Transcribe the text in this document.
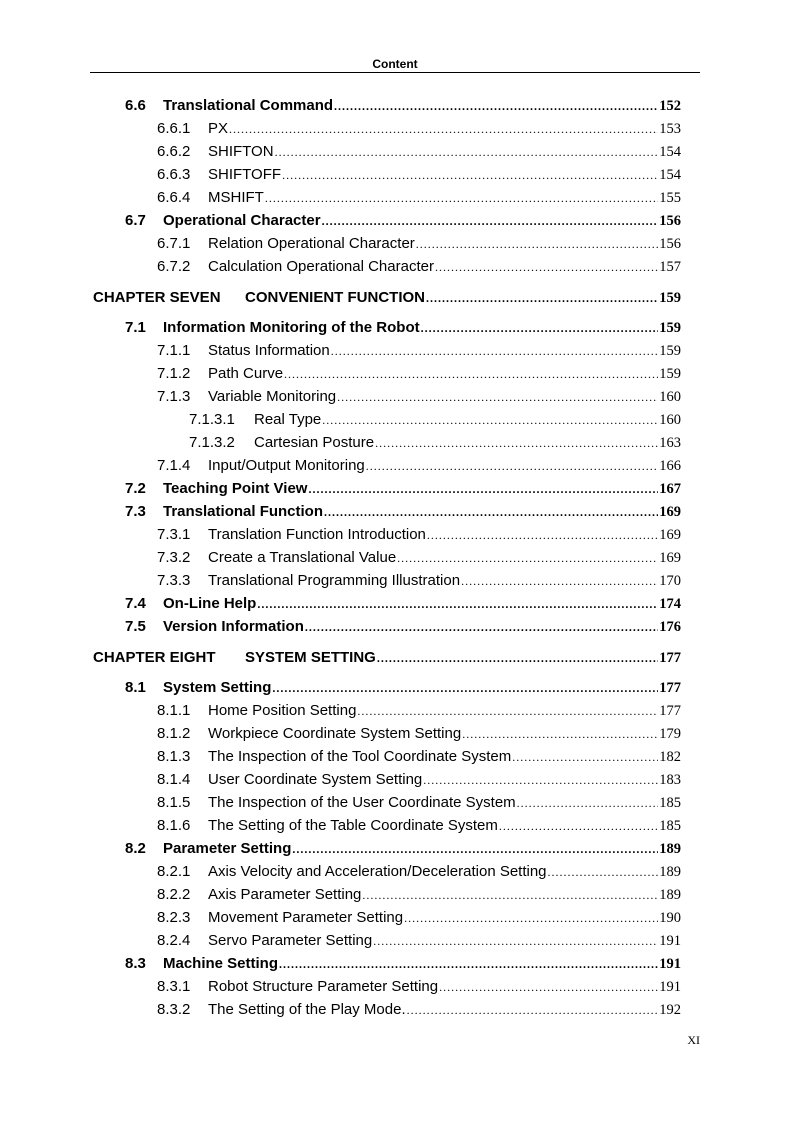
Content
6.6	Translational Command .....	152
6.6.1	PX .....	153
6.6.2	SHIFTON .....	154
6.6.3	SHIFTOFF .....	154
6.6.4	MSHIFT .....	155
6.7	Operational Character .....	156
6.7.1	Relation Operational Character .....	156
6.7.2	Calculation Operational Character .....	157
CHAPTER SEVEN	CONVENIENT FUNCTION .....	159
7.1	Information Monitoring of the Robot .....	159
7.1.1	Status Information .....	159
7.1.2	Path Curve .....	159
7.1.3	Variable Monitoring .....	160
7.1.3.1	Real Type .....	160
7.1.3.2	Cartesian Posture .....	163
7.1.4	Input/Output Monitoring .....	166
7.2	Teaching Point View .....	167
7.3	Translational Function .....	169
7.3.1	Translation Function Introduction .....	169
7.3.2	Create a Translational Value .....	169
7.3.3	Translational Programming Illustration .....	170
7.4	On-Line Help .....	174
7.5	Version Information .....	176
CHAPTER EIGHT	SYSTEM SETTING .....	177
8.1	System Setting .....	177
8.1.1	Home Position Setting .....	177
8.1.2	Workpiece Coordinate System Setting .....	179
8.1.3	The Inspection of the Tool Coordinate System .....	182
8.1.4	User Coordinate System Setting .....	183
8.1.5	The Inspection of the User Coordinate System .....	185
8.1.6	The Setting of the Table Coordinate System .....	185
8.2	Parameter Setting .....	189
8.2.1	Axis Velocity and Acceleration/Deceleration Setting .....	189
8.2.2	Axis Parameter Setting .....	189
8.2.3	Movement Parameter Setting .....	190
8.2.4	Servo Parameter Setting .....	191
8.3	Machine Setting .....	191
8.3.1	Robot Structure Parameter Setting .....	191
8.3.2	The Setting of the Play Mode. .....	192
XI
